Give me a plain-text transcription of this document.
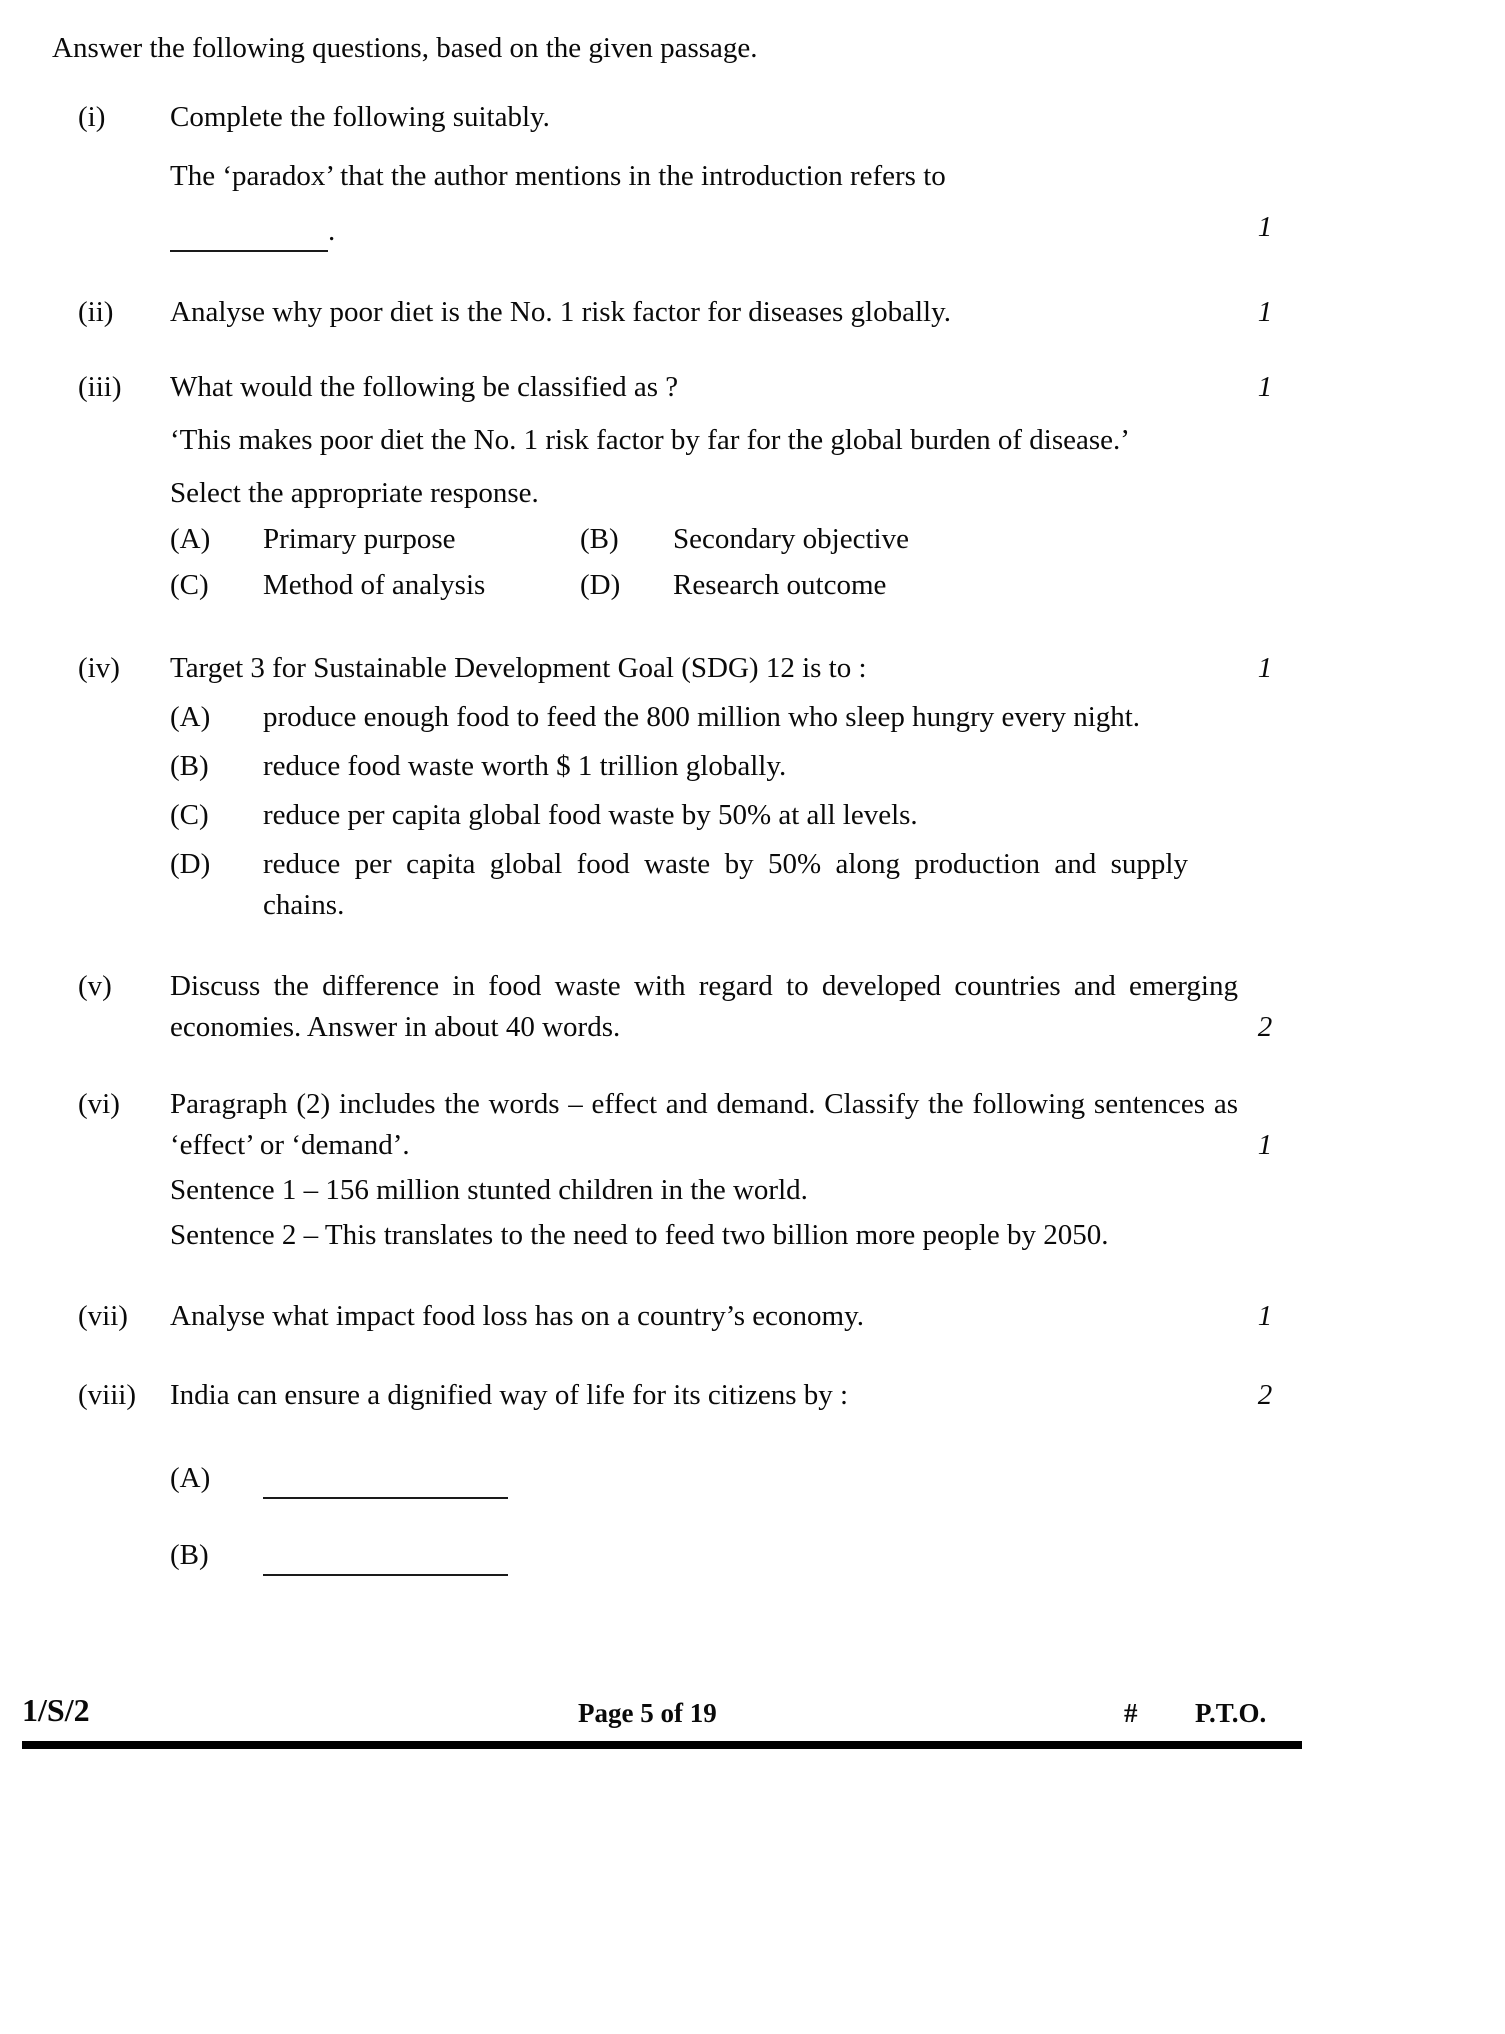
Answer the following questions, based on the given passage.
(i)	Complete the following suitably.
The ‘paradox’ that the author mentions in the introduction refers to
.	1
(ii)	Analyse why poor diet is the No. 1 risk factor for diseases globally.	1
(iii)	What would the following be classified as ?
‘This makes poor diet the No. 1 risk factor by far for the global burden of disease.’
Select the appropriate response.
(A)	Primary purpose	(B)	Secondary objective
(C)	Method of analysis	(D)	Research outcome
1
(iv)	Target 3 for Sustainable Development Goal (SDG) 12 is to :
(A)	produce enough food to feed the 800 million who sleep hungry every night.
(B)	reduce food waste worth $ 1 trillion globally.
(C)	reduce per capita global food waste by 50% at all levels.
(D)	reduce per capita global food waste by 50% along production and supply chains.
1
(v)	Discuss the difference in food waste with regard to developed countries and emerging economies. Answer in about 40 words.	2
(vi)	Paragraph (2) includes the words – effect and demand. Classify the following sentences as ‘effect’ or ‘demand’.
Sentence 1 – 156 million stunted children in the world.
Sentence 2 – This translates to the need to feed two billion more people by 2050.
1
(vii)	Analyse what impact food loss has on a country’s economy.	1
(viii)	India can ensure a dignified way of life for its citizens by :
(A)
(B)
2
1/S/2	Page 5 of 19	# P.T.O.
